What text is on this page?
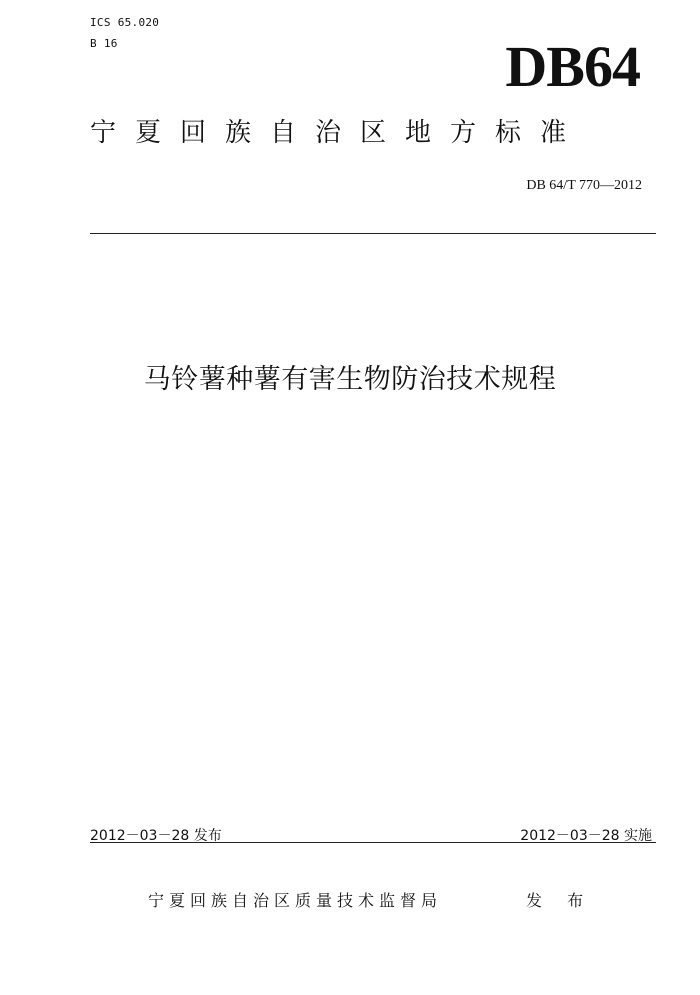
ICS 65.020
B 16	DB64
宁夏回族自治区地方标准
DB 64/T 770—2012
马铃薯种薯有害生物防治技术规程
2012－03－28 发布	2012－03－28 实施
宁夏回族自治区质量技术监督局	发 布
